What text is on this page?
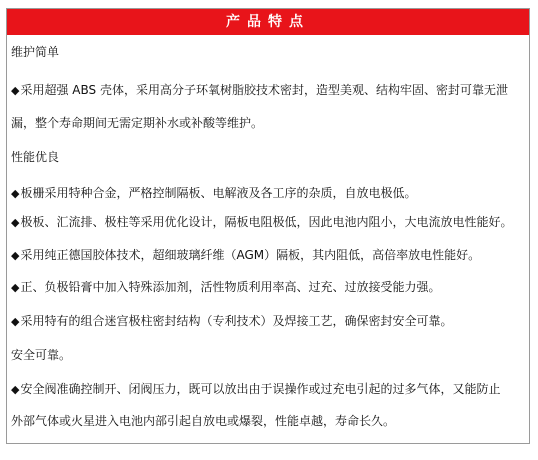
产品特点
维护简单
◆采用超强 ABS 壳体，采用高分子环氧树脂胶技术密封，造型美观、结构牢固、密封可靠无泄
漏，整个寿命期间无需定期补水或补酸等维护。
性能优良
◆板栅采用特种合金，严格控制隔板、电解液及各工序的杂质，自放电极低。
◆极板、汇流排、极柱等采用优化设计，隔板电阻极低，因此电池内阻小，大电流放电性能好。
◆采用纯正德国胶体技术，超细玻璃纤维（AGM）隔板，其内阻低，高倍率放电性能好。
◆正、负极铅膏中加入特殊添加剂，活性物质利用率高、过充、过放接受能力强。
◆采用特有的组合迷宫极柱密封结构（专利技术）及焊接工艺，确保密封安全可靠。
安全可靠。
◆安全阀准确控制开、闭阀压力，既可以放出由于误操作或过充电引起的过多气体，又能防止
外部气体或火星进入电池内部引起自放电或爆裂，性能卓越，寿命长久。
